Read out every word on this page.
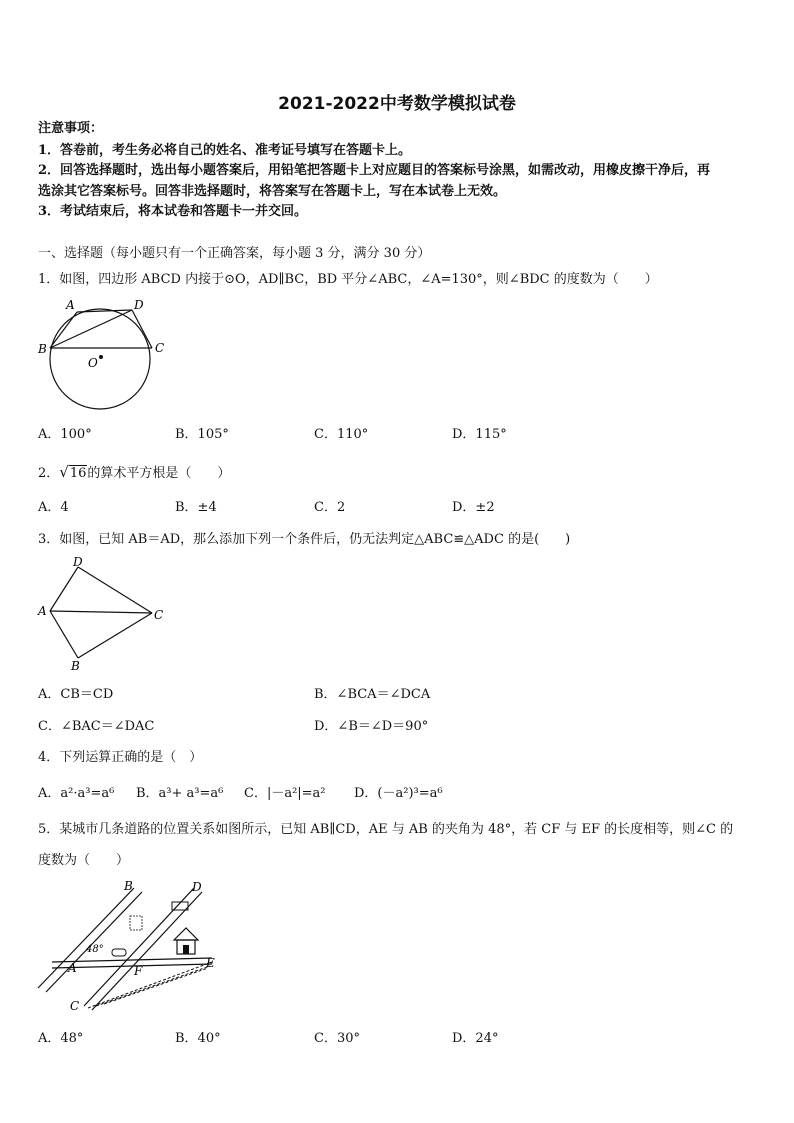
2021-2022中考数学模拟试卷
注意事项：
1．答卷前，考生务必将自己的姓名、准考证号填写在答题卡上。
2．回答选择题时，选出每小题答案后，用铅笔把答题卡上对应题目的答案标号涂黑，如需改动，用橡皮擦干净后，再
选涂其它答案标号。回答非选择题时，将答案写在答题卡上，写在本试卷上无效。
3．考试结束后，将本试卷和答题卡一并交回。
一、选择题（每小题只有一个正确答案，每小题 3 分，满分 30 分）
1．如图，四边形 ABCD 内接于⊙O，AD∥BC，BD 平分∠ABC，∠A=130°，则∠BDC 的度数为（　　）
A	D
B	C
O
A．100°	B．105°	C．110°	D．115°
2．√16的算术平方根是（　　）
A．4	B．±4	C．2	D．±2
3．如图，已知 AB＝AD，那么添加下列一个条件后，仍无法判定△ABC≌△ADC 的是(　　)
D
A	C
B
A．CB＝CD	B．∠BCA＝∠DCA
C．∠BAC＝∠DAC	D．∠B＝∠D＝90°
4．下列运算正确的是（　）
A．a²·a³=a⁶ B．a³+ a³=a⁶ C．|－a²|=a² D．(－a²)³=a⁶
5．某城市几条道路的位置关系如图所示，已知 AB∥CD，AE 与 AB 的夹角为 48°，若 CF 与 EF 的长度相等，则∠C 的
度数为（　　）
48°
B	D
A	F
E
C
A．48°	B．40°	C．30°	D．24°
